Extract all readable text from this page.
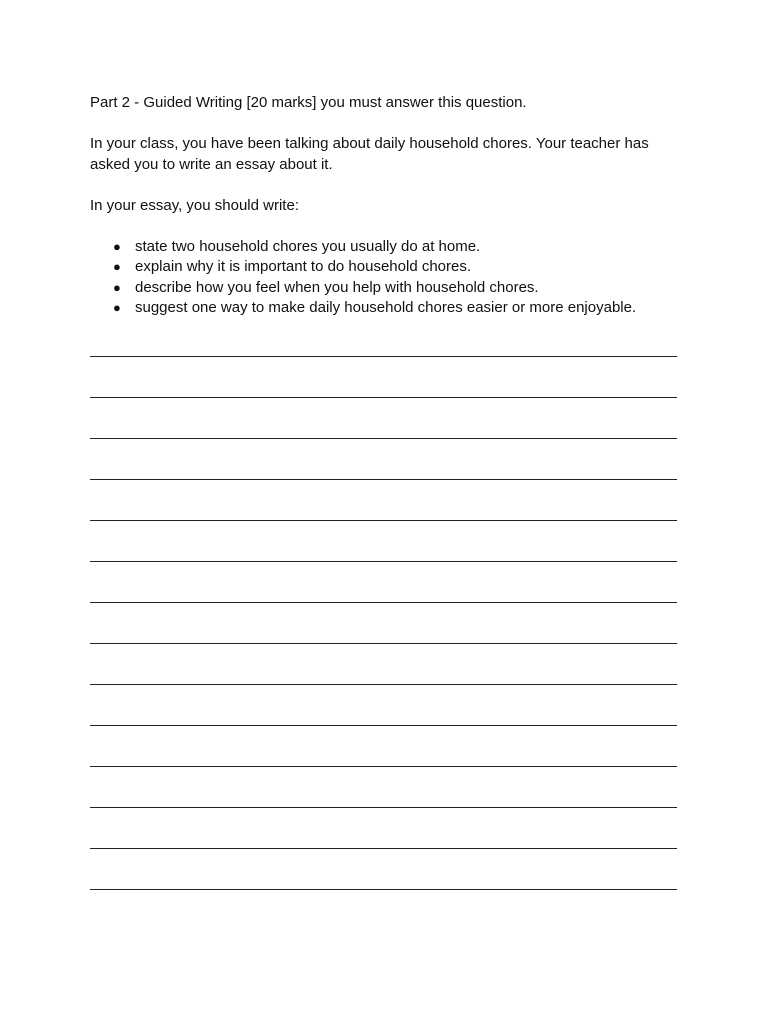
Part 2 - Guided Writing [20 marks] you must answer this question.

In your class, you have been talking about daily household chores. Your teacher has

asked you to write an essay about it.

In your essay, you should write:

● state two household chores you usually do at home.
● explain why it is important to do household chores.
● describe how you feel when you help with household chores.
● suggest one way to make daily household chores easier or more enjoyable.
